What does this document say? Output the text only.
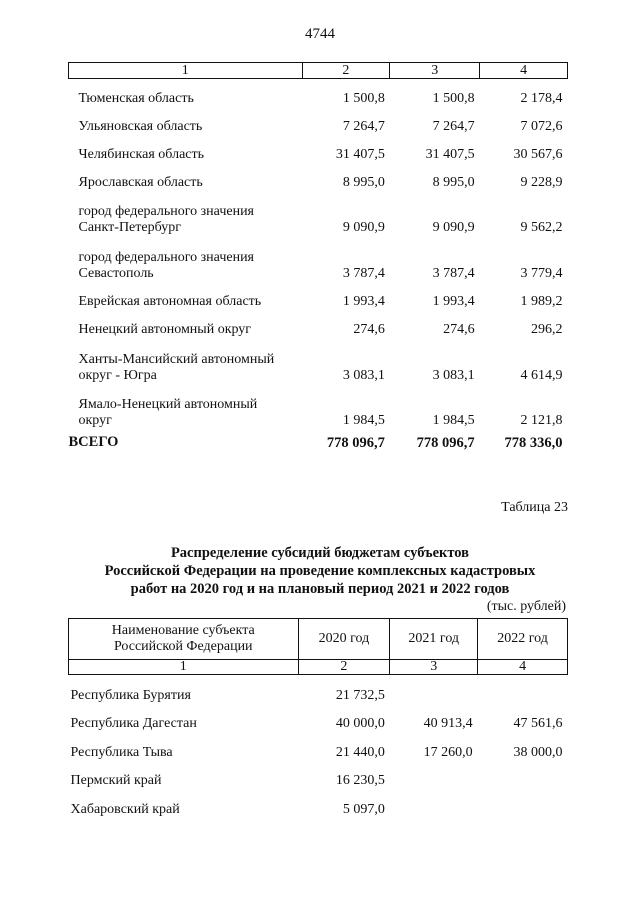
4744
1	2	3	4
Тюменская область	1 500,8	1 500,8	2 178,4
Ульяновская область	7 264,7	7 264,7	7 072,6
Челябинская область	31 407,5	31 407,5	30 567,6
Ярославская область	8 995,0	8 995,0	9 228,9

город федерального значения
Санкт-Петербург	9 090,9	9 090,9	9 562,2

город федерального значения
Севастополь	3 787,4	3 787,4	3 779,4
Еврейская автономная область	1 993,4	1 993,4	1 989,2
Ненецкий автономный округ	274,6	274,6	296,2

Ханты-Мансийский автономный
округ - Югра	3 083,1	3 083,1	4 614,9

Ямало-Ненецкий автономный
округ	1 984,5	1 984,5	2 121,8
ВСЕГО	778 096,7	778 096,7	778 336,0
Таблица 23
Распределение субсидий бюджетам субъектов
Российской Федерации на проведение комплексных кадастровых
работ на 2020 год и на плановый период 2021 и 2022 годов
(тыс. рублей)
Наименование субъекта
Российской Федерации	2020 год	2021 год	2022 год
1	2	3	4
Республика Бурятия	21 732,5		
Республика Дагестан	40 000,0	40 913,4	47 561,6
Республика Тыва	21 440,0	17 260,0	38 000,0
Пермский край	16 230,5		
Хабаровский край	5 097,0		
